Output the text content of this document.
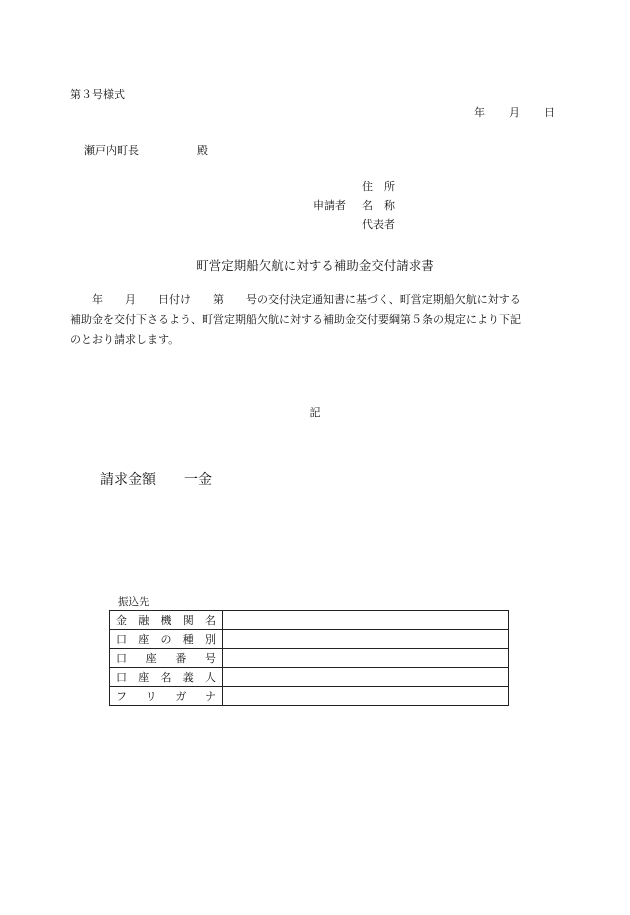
第３号様式
年 月 日
瀬戸内町長	殿
申請者
住　所
名　称
代表者
町営定期船欠航に対する補助金交付請求書

　　年　　月　　日付け　　第　　号の交付決定通知書に基づく、町営定期船欠航に対する

補助金を交付下さるよう、町営定期船欠航に対する補助金交付要綱第５条の規定により下記

のとおり請求します。

記
請求金額 一金
振込先
金 融 機 関 名	

口 座 の 種 別	

口 座 番 号	

口 座 名 義 人	

フ リ ガ ナ	
